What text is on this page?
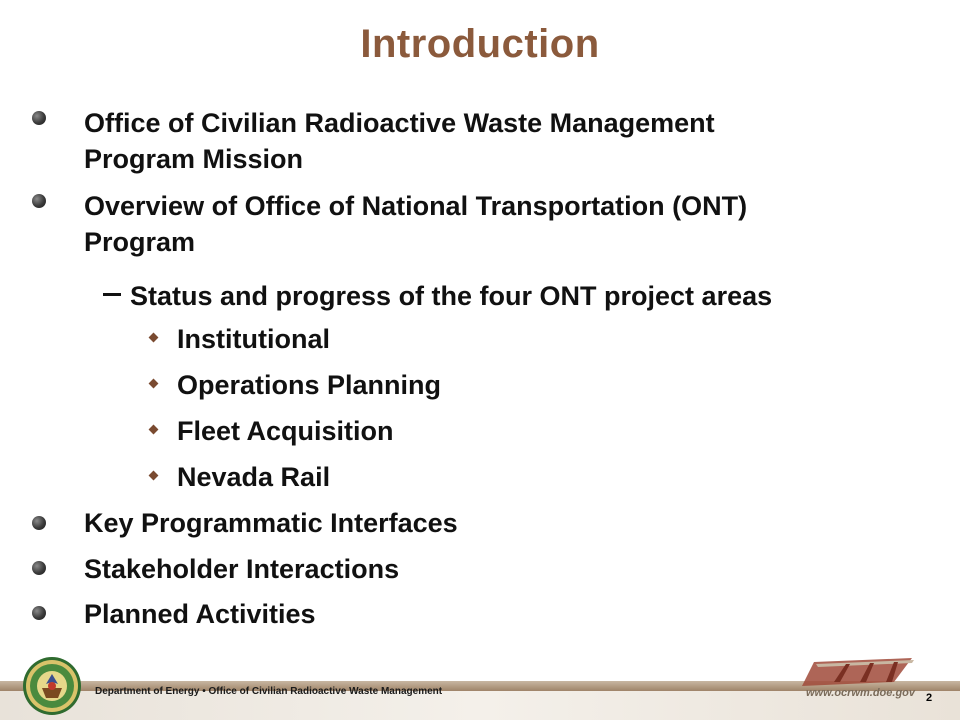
Introduction
Office of Civilian Radioactive Waste Management
Program Mission
Overview of Office of National Transportation (ONT)
Program
Status and progress of the four ONT project areas
Institutional
Operations Planning
Fleet Acquisition
Nevada Rail
Key Programmatic Interfaces
Stakeholder Interactions
Planned Activities
Department of Energy • Office of Civilian Radioactive Waste Management	www.ocrwm.doe.gov 2
